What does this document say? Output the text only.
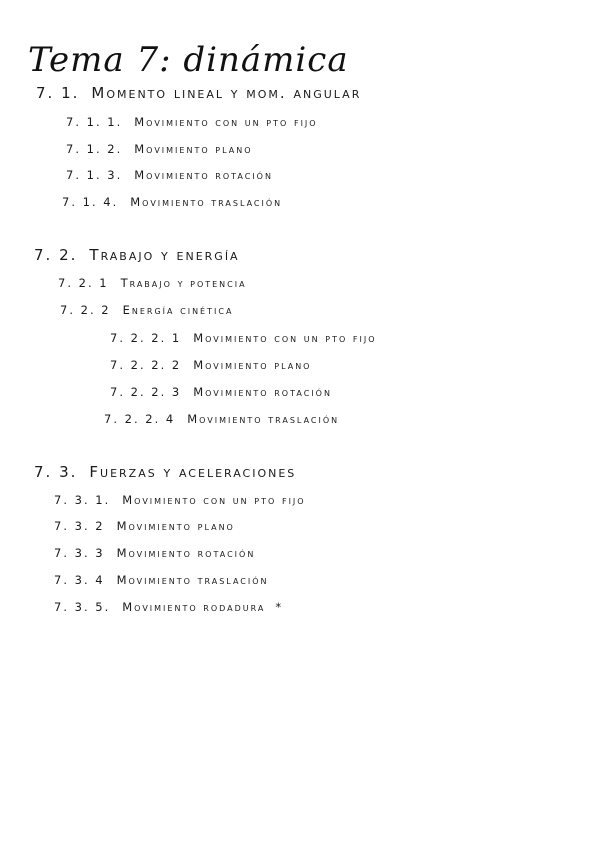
Tema 7: dinámica
7. 1. Momento lineal y mom. angular
7. 1. 1. Movimiento con un pto fijo
7. 1. 2. Movimiento plano
7. 1. 3. Movimiento rotación
7. 1. 4. Movimiento traslación
7. 2. Trabajo y energía
7. 2. 1 Trabajo y potencia
7. 2. 2 Energía cinética
7. 2. 2. 1 Movimiento con un pto fijo
7. 2. 2. 2 Movimiento plano
7. 2. 2. 3 Movimiento rotación
7. 2. 2. 4 Movimiento traslación
7. 3. Fuerzas y aceleraciones
7. 3. 1. Movimiento con un pto fijo
7. 3. 2 Movimiento plano
7. 3. 3 Movimiento rotación
7. 3. 4 Movimiento traslación
7. 3. 5. Movimiento rodadura *
